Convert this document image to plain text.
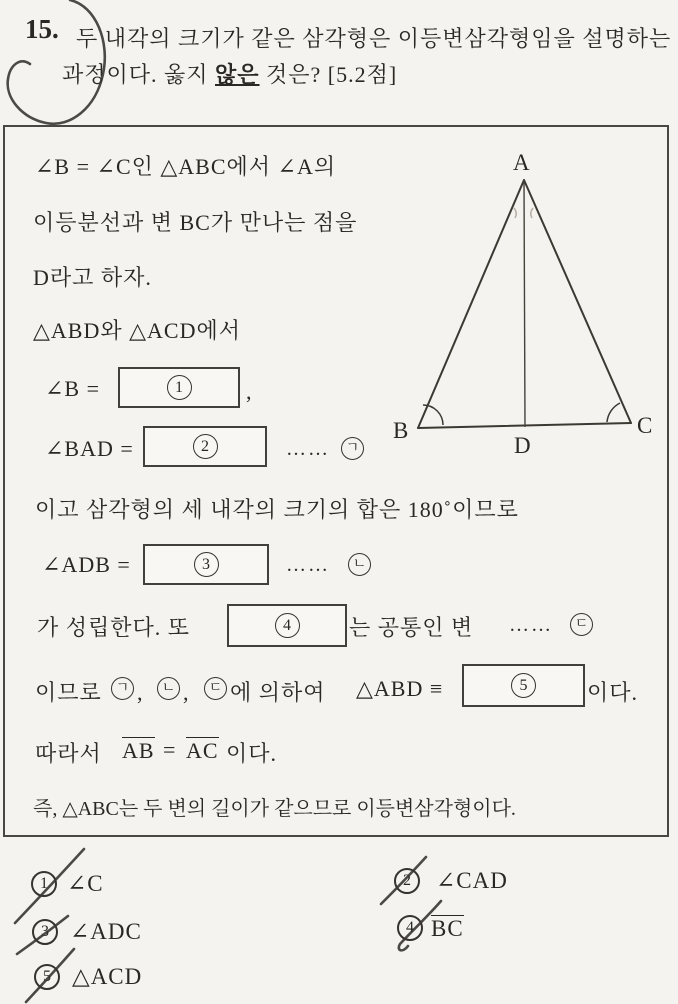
15. 두 내각의 크기가 같은 삼각형은 이등변삼각형임을 설명하는
과정이다. 옳지 않은 것은? [5.2점]
∠B = ∠C인 △ABC에서 ∠A의
이등분선과 변 BC가 만나는 점을
D라고 하자.
△ABD와 △ACD에서
∠B =	1	,
∠BAD =	2	……	ㄱ
이고 삼각형의 세 내각의 크기의 합은 180˚이므로
∠ADB =	3	……	ㄴ
가 성립한다. 또	4	는 공통인 변 ……	ㄷ
이므로 ㄱ ,	ㄴ ,	ㄷ 에 의하여 △ABD ≡	5	이다.
따라서 AB = AC 이다.
즉, △ABC는 두 변의 길이가 같으므로 이등변삼각형이다.
A
B	C
D
1 ∠C	2	∠CAD
3 ∠ADC	4 BC
5 △ACD
